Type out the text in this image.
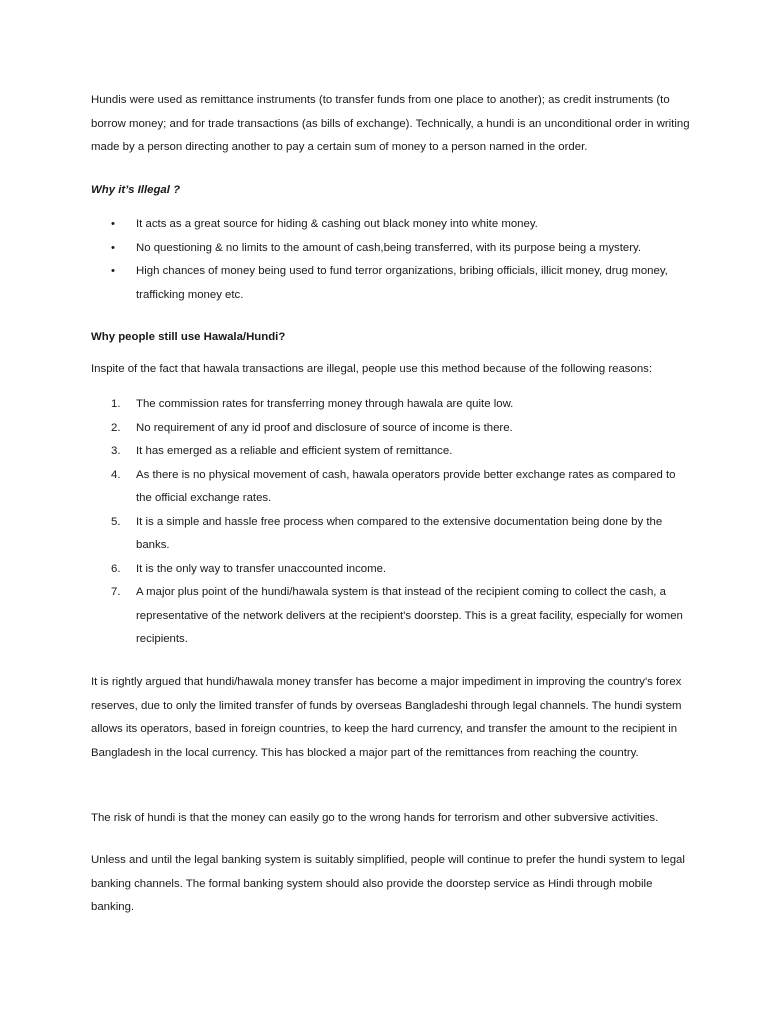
Hundis were used as remittance instruments (to transfer funds from one place to another); as credit instruments (to borrow money; and for trade transactions (as bills of exchange). Technically, a hundi is an unconditional order in writing made by a person directing another to pay a certain sum of money to a person named in the order.

Why it’s Illegal ?

• It acts as a great source for hiding & cashing out black money into white money.
• No questioning & no limits to the amount of cash,being transferred, with its purpose being a mystery.
• High chances of money being used to fund terror organizations, bribing officials, illicit money, drug money, trafficking money etc.

Why people still use Hawala/Hundi?

Inspite of the fact that hawala transactions are illegal, people use this method because of the following reasons:

1. The commission rates for transferring money through hawala are quite low.
2. No requirement of any id proof and disclosure of source of income is there.
3. It has emerged as a reliable and efficient system of remittance.
4. As there is no physical movement of cash, hawala operators provide better exchange rates as compared to the official exchange rates.
5. It is a simple and hassle free process when compared to the extensive documentation being done by the banks.
6. It is the only way to transfer unaccounted income.
7. A major plus point of the hundi/hawala system is that instead of the recipient coming to collect the cash, a representative of the network delivers at the recipient's doorstep. This is a great facility, especially for women recipients.

It is rightly argued that hundi/hawala money transfer has become a major impediment in improving the country's forex reserves, due to only the limited transfer of funds by overseas Bangladeshi through legal channels. The hundi system allows its operators, based in foreign countries, to keep the hard currency, and transfer the amount to the recipient in Bangladesh in the local currency. This has blocked a major part of the remittances from reaching the country.

The risk of hundi is that the money can easily go to the wrong hands for terrorism and other subversive activities.

Unless and until the legal banking system is suitably simplified, people will continue to prefer the hundi system to legal banking channels. The formal banking system should also provide the doorstep service as Hindi through mobile banking.
